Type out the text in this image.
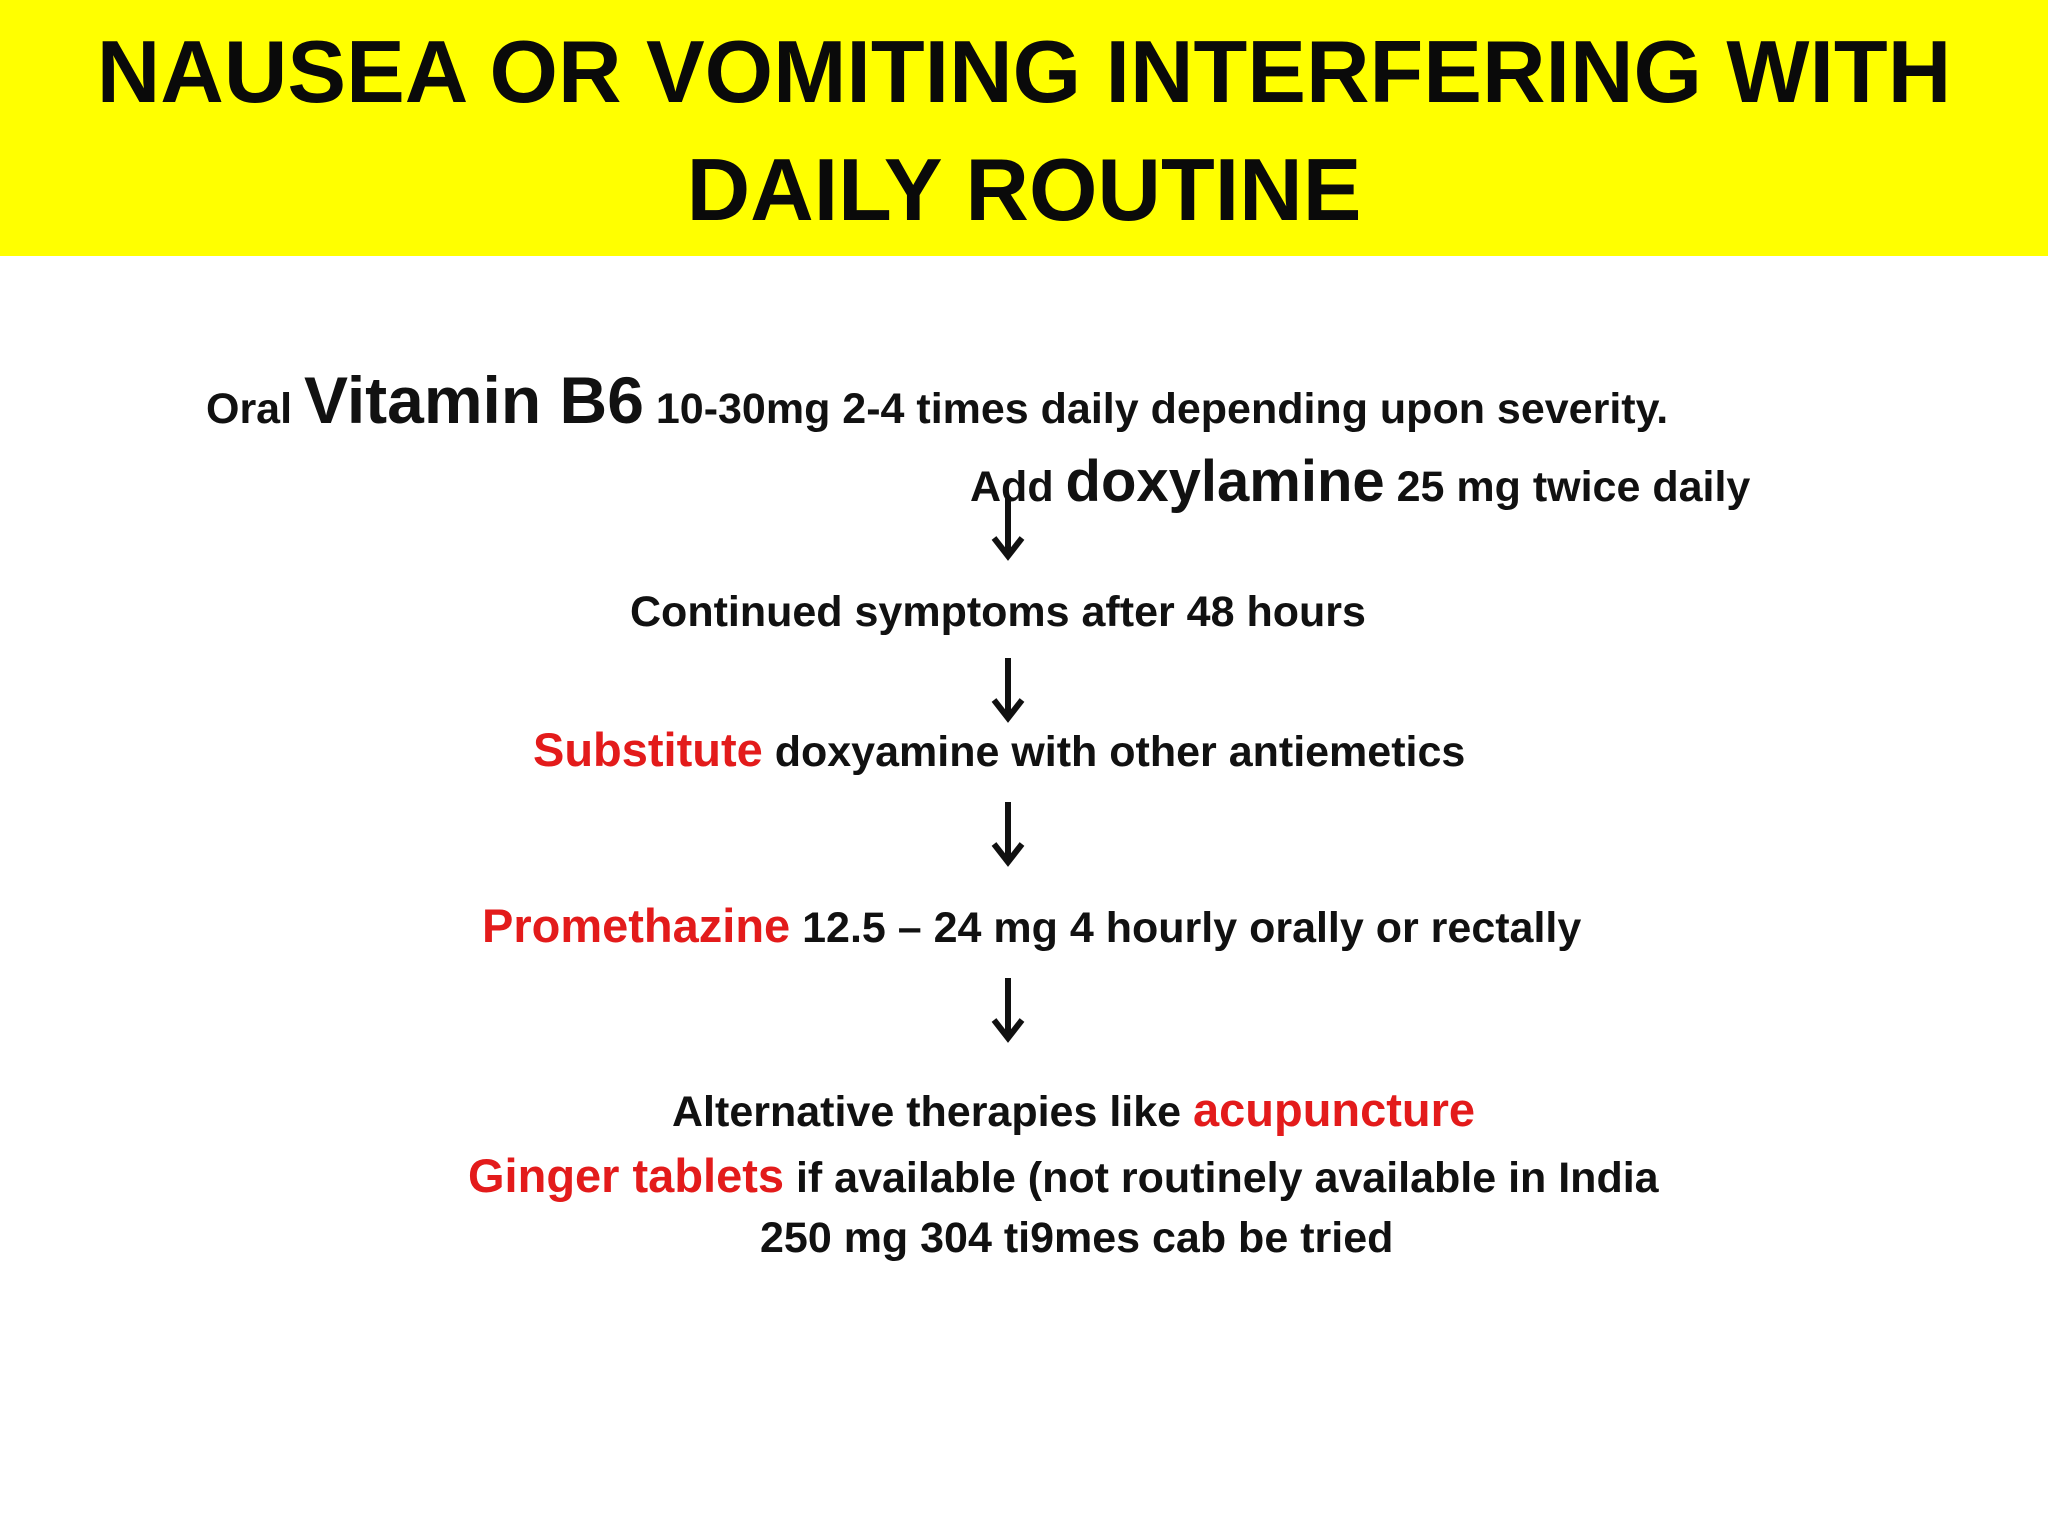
NAUSEA OR VOMITING INTERFERING WITH
DAILY ROUTINE
Oral Vitamin B6 10-30mg 2-4 times daily depending upon severity.
Add doxylamine 25 mg twice daily
Continued symptoms after 48 hours
Substitute doxyamine with other antiemetics
Promethazine 12.5 – 24 mg 4 hourly orally or rectally
Alternative therapies like acupuncture
Ginger tablets if available (not routinely available in India
250 mg 304 ti9mes cab be tried
